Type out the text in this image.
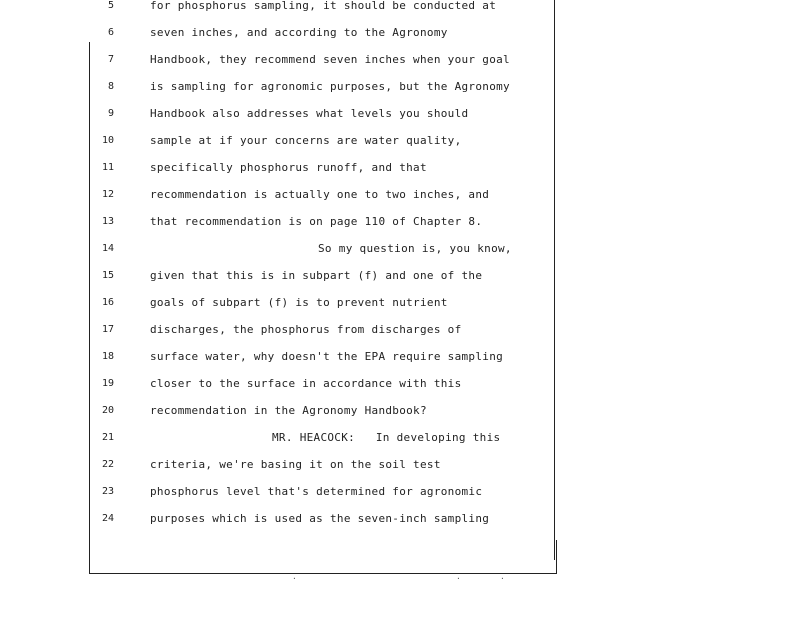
5	for phosphorus sampling, it should be conducted at
6	seven inches, and according to the Agronomy
7	Handbook, they recommend seven inches when your goal
8	is sampling for agronomic purposes, but the Agronomy
9	Handbook also addresses what levels you should
10	sample at if your concerns are water quality,
11	specifically phosphorus runoff, and that
12	recommendation is actually one to two inches, and
13	that recommendation is on page 110 of Chapter 8.
14	So my question is, you know,
15	given that this is in subpart (f) and one of the
16	goals of subpart (f) is to prevent nutrient
17	discharges, the phosphorus from discharges of
18	surface water, why doesn't the EPA require sampling
19	closer to the surface in accordance with this
20	recommendation in the Agronomy Handbook?
21	MR. HEACOCK:   In developing this
22	criteria, we're basing it on the soil test
23	phosphorus level that's determined for agronomic
24	purposes which is used as the seven-inch sampling
·	·	·
